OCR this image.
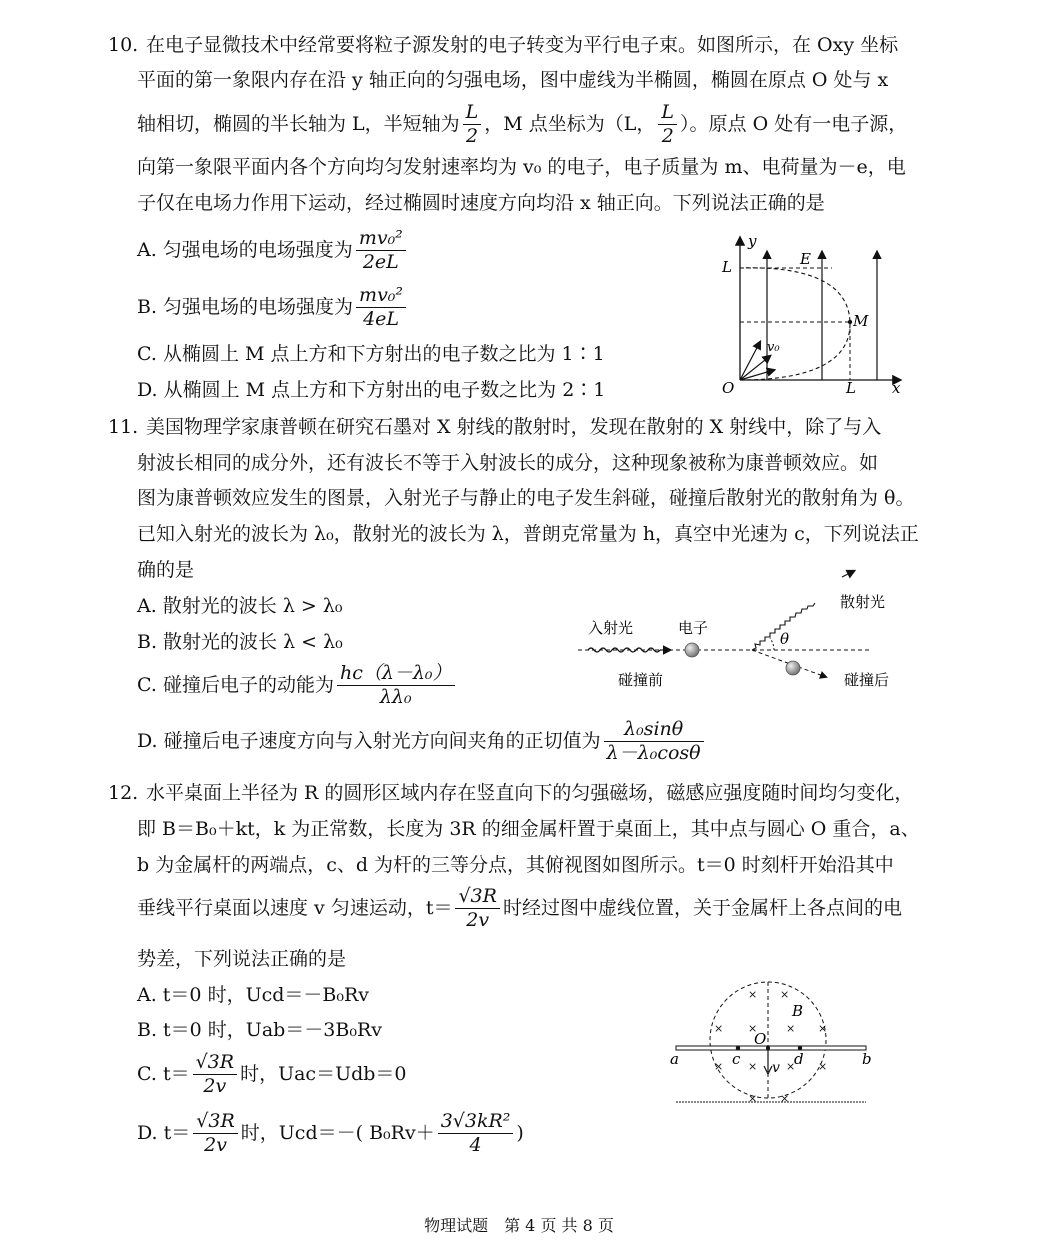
10. 在电子显微技术中经常要将粒子源发射的电子转变为平行电子束。如图所示，在 Oxy 坐标
平面的第一象限内存在沿 y 轴正向的匀强电场，图中虚线为半椭圆，椭圆在原点 O 处与 x
轴相切，椭圆的半长轴为 L，半短轴为 $\frac{L}{2}$ ，M 点坐标为（L， $\frac{L}{2}$ ）。原点 O 处有一电子源，
向第一象限平面内各个方向均匀发射速率均为 v₀ 的电子，电子质量为 m、电荷量为－e，电
子仅在电场力作用下运动，经过椭圆时速度方向均沿 x 轴正向。下列说法正确的是
A. 匀强电场的电场强度为 $\frac{\text{mv₀²}}{2eL}$
B. 匀强电场的电场强度为 $\frac{\text{mv₀²}}{4eL}$
C. 从椭圆上 M 点上方和下方射出的电子数之比为 1∶1
D. 从椭圆上 M 点上方和下方射出的电子数之比为 2∶1
y
L	E
M
v₀
O	L x
11. 美国物理学家康普顿在研究石墨对 X 射线的散射时，发现在散射的 X 射线中，除了与入
射波长相同的成分外，还有波长不等于入射波长的成分，这种现象被称为康普顿效应。如
图为康普顿效应发生的图景，入射光子与静止的电子发生斜碰，碰撞后散射光的散射角为 θ。
已知入射光的波长为 λ₀，散射光的波长为 λ，普朗克常量为 h，真空中光速为 c，下列说法正
确的是
A. 散射光的波长 λ > λ₀
B. 散射光的波长 λ < λ₀
C. 碰撞后电子的动能为 $\frac{\text{hc（λ－λ₀）}}{\text{λλ₀}}$
D. 碰撞后电子速度方向与入射光方向间夹角的正切值为 $\frac{\text{λ₀sinθ}}{\text{λ－λ₀cosθ}}$
入射光	电子
散射光
θ
碰撞前	碰撞后
12. 水平桌面上半径为 R 的圆形区域内存在竖直向下的匀强磁场，磁感应强度随时间均匀变化，
即 B＝B₀＋kt，k 为正常数，长度为 3R 的细金属杆置于桌面上，其中点与圆心 O 重合，a、
b 为金属杆的两端点，c、d 为杆的三等分点，其俯视图如图所示。t＝0 时刻杆开始沿其中
垂线平行桌面以速度 v 匀速运动，$t= \frac{√3R}{2v}$ 时经过图中虚线位置，关于金属杆上各点间的电
势差，下列说法正确的是
A. t＝0 时，Ucd＝－B₀Rv
B. t＝0 时，Uab＝－3B₀Rv
C. $t= \frac{√3R}{2v}$ 时，Uac＝Udb＝0
D. $t= \frac{√3R}{2v}$ 时，Ucd＝－( $B_0Rv+ \frac{\text{3√3kR²}}{4}$ )
× ×
× ×	× ×
× ×	× ×
× ×
B
O
a	c v d	b
物理试题　第 4 页 共 8 页
